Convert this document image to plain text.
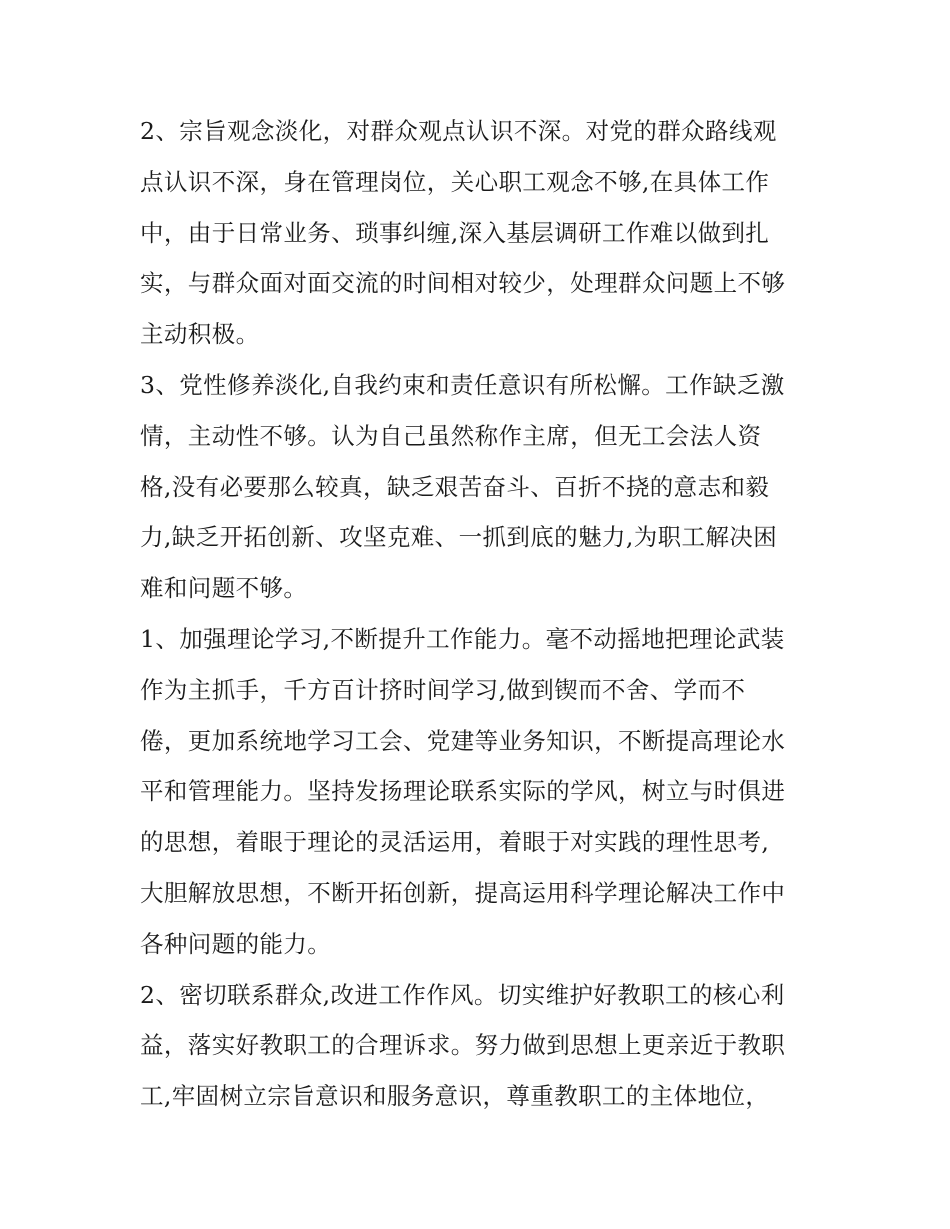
2、宗旨观念淡化，对群众观点认识不深。对党的群众路线观
点认识不深，身在管理岗位，关心职工观念不够,在具体工作
中，由于日常业务、琐事纠缠,深入基层调研工作难以做到扎
实，与群众面对面交流的时间相对较少，处理群众问题上不够
主动积极。

3、党性修养淡化,自我约束和责任意识有所松懈。工作缺乏激
情，主动性不够。认为自己虽然称作主席，但无工会法人资
格,没有必要那么较真，缺乏艰苦奋斗、百折不挠的意志和毅
力,缺乏开拓创新、攻坚克难、一抓到底的魅力,为职工解决困
难和问题不够。

1、加强理论学习,不断提升工作能力。毫不动摇地把理论武装
作为主抓手，千方百计挤时间学习,做到锲而不舍、学而不
倦，更加系统地学习工会、党建等业务知识，不断提高理论水
平和管理能力。坚持发扬理论联系实际的学风，树立与时俱进
的思想，着眼于理论的灵活运用，着眼于对实践的理性思考,
大胆解放思想，不断开拓创新，提高运用科学理论解决工作中
各种问题的能力。

2、密切联系群众,改进工作作风。切实维护好教职工的核心利
益，落实好教职工的合理诉求。努力做到思想上更亲近于教职
工,牢固树立宗旨意识和服务意识，尊重教职工的主体地位，
